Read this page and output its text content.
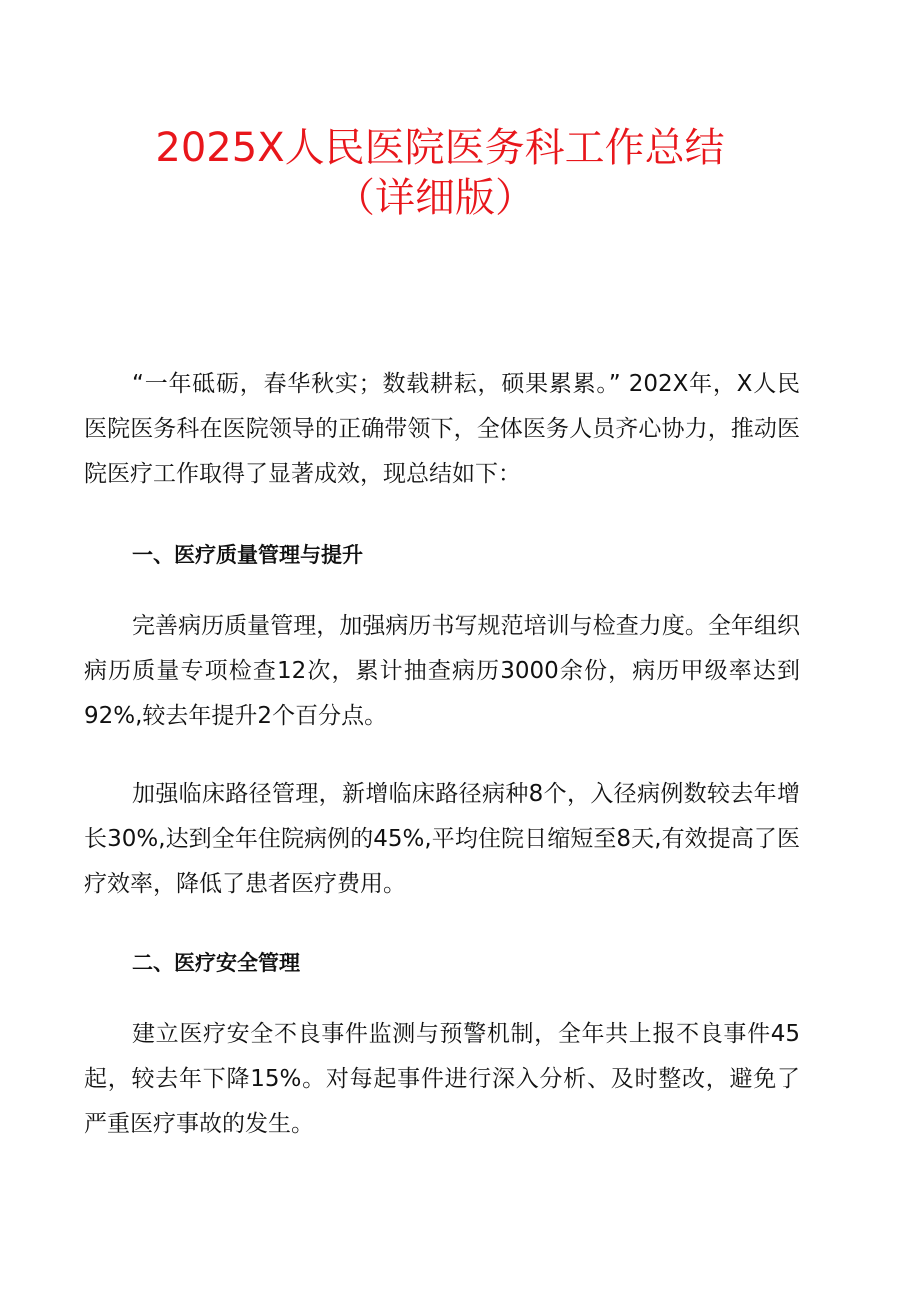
2025X人民医院医务科工作总结
（详细版）

“一年砥砺，春华秋实；数载耕耘，硕果累累。” 202X年，X人民医院医务科在医院领导的正确带领下，全体医务人员齐心协力，推动医院医疗工作取得了显著成效，现总结如下：

一、医疗质量管理与提升

完善病历质量管理，加强病历书写规范培训与检查力度。全年组织病历质量专项检查12次，累计抽查病历3000余份，病历甲级率达到92%,较去年提升2个百分点。

加强临床路径管理，新增临床路径病种8个，入径病例数较去年增长30%,达到全年住院病例的45%,平均住院日缩短至8天,有效提高了医疗效率，降低了患者医疗费用。

二、医疗安全管理

建立医疗安全不良事件监测与预警机制，全年共上报不良事件45起，较去年下降15%。对每起事件进行深入分析、及时整改，避免了严重医疗事故的发生。
